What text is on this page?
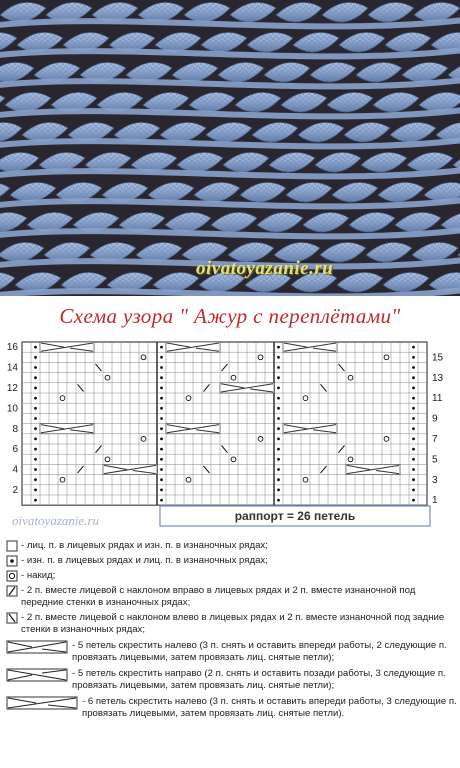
oivatoyazanie.ru
Схема узора " Ажур с переплётами"
16
14
12
10
8
6
4
2
15
13
11
9
7
5
3
1
раппорт = 26 петель
oivatoyazanie.ru
- лиц. п. в лицевых рядах и изн. п. в изнаночных рядах;
- изн. п. в лицевых рядах и лиц. п. в изнаночных рядах;
- накид;
- 2 п. вместе лицевой с наклоном вправо в лицевых рядах и 2 п. вместе изнаночной под передние стенки в изнаночных рядах;
- 2 п. вместе лицевой с наклоном влево в лицевых рядах и 2 п. вместе изнаночной под задние стенки в изнаночных рядах;
- 5 петель скрестить налево (3 п. снять и оставить впереди работы, 2 следующие п. провязать лицевыми, затем провязать лиц. снятые петли);
- 5 петель скрестить направо (2 п. снять и оставить позади работы, 3 следующие п. провязать лицевыми, затем провязать лиц. снятые петли);
- 6 петель скрестить налево (3 п. снять и оставить впереди работы, 3 следующие п. провязать лицевыми, затем провязать лиц. снятые петли).
